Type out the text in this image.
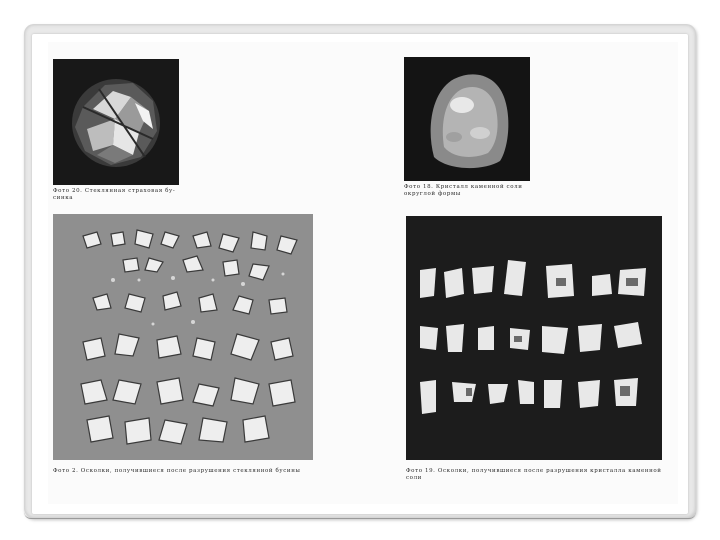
Фото 20. Стеклянная страховая бу-синка
Фото 18. Кристалл каменной соли округлой формы
Фото 2. Осколки, получившиеся после разрушения стеклянной бусины	Фото 19. Осколки, получившиеся после разрушения кристалла каменной соли
